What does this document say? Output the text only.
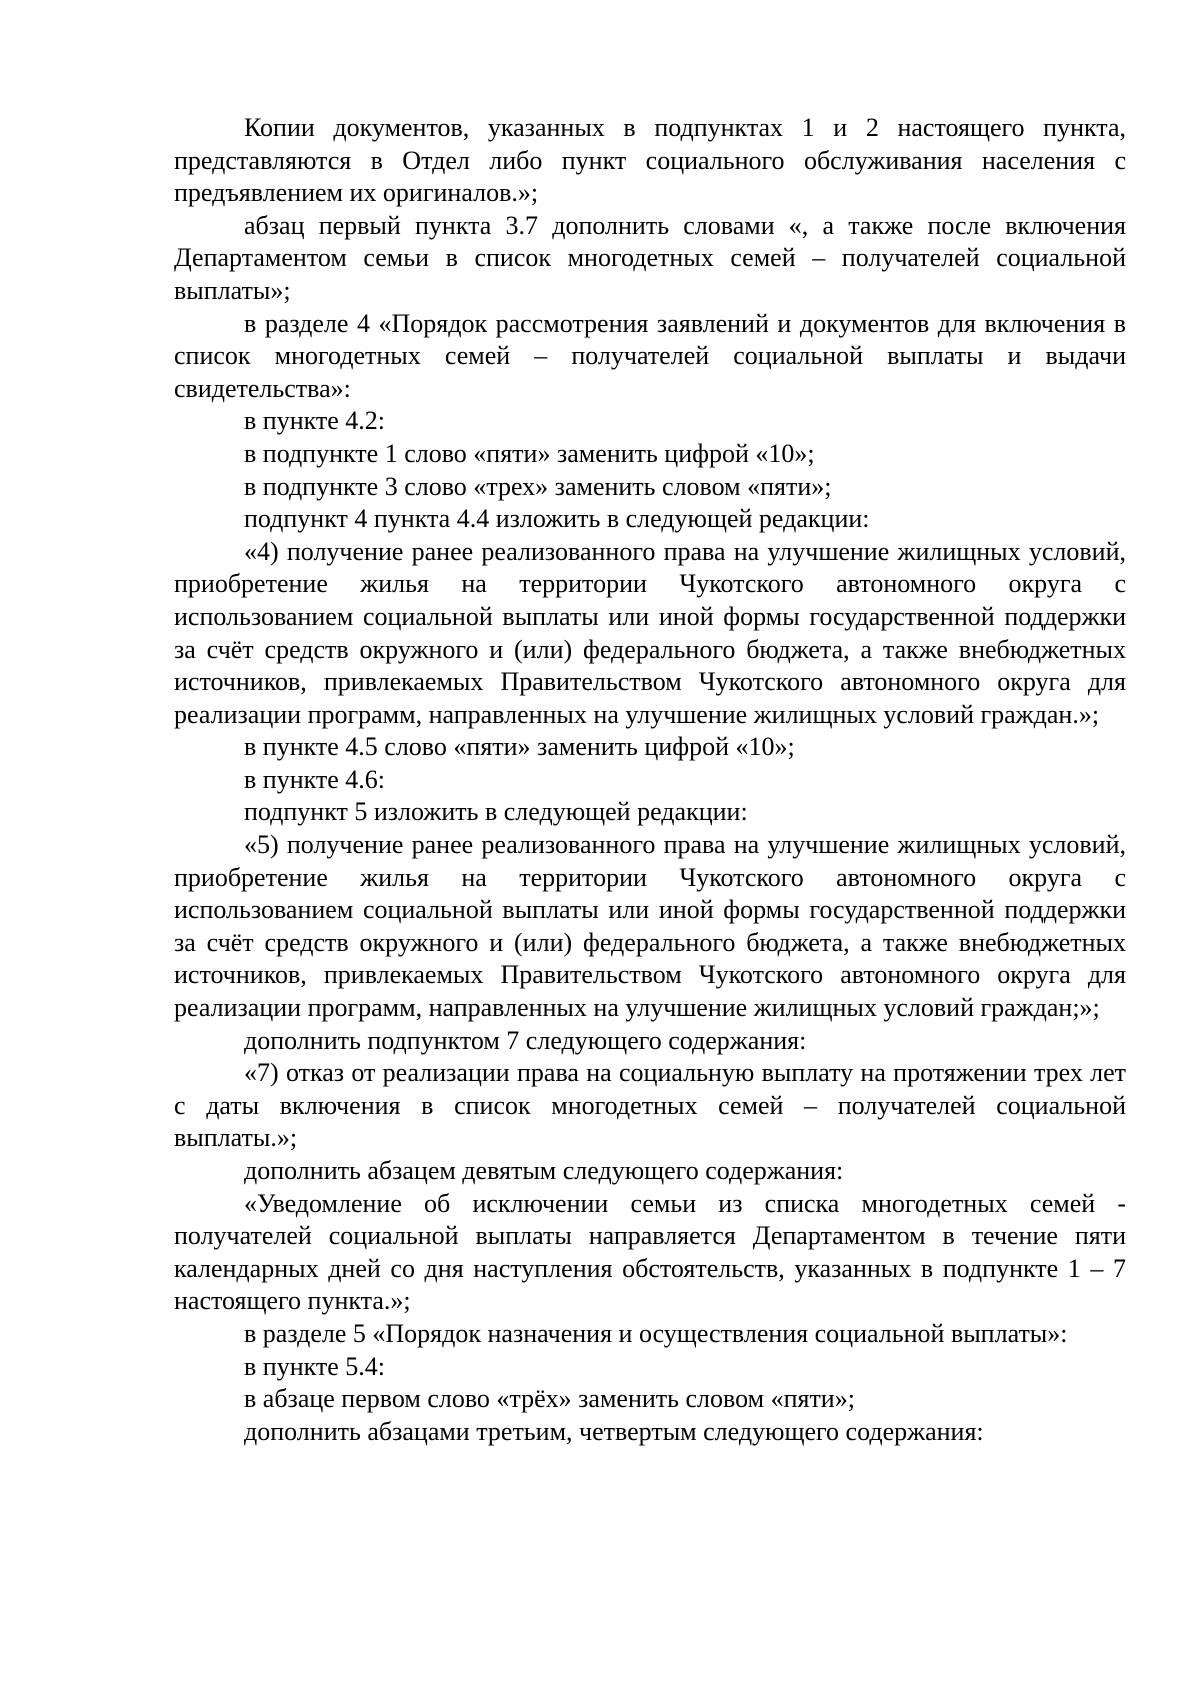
Копии документов, указанных в подпунктах 1 и 2 настоящего пункта, представляются в Отдел либо пункт социального обслуживания населения с предъявлением их оригиналов.»;

абзац первый пункта 3.7 дополнить словами «, а также после включения Департаментом семьи в список многодетных семей – получателей социальной выплаты»;

в разделе 4 «Порядок рассмотрения заявлений и документов для включения в список многодетных семей – получателей социальной выплаты и выдачи свидетельства»:

в пункте 4.2:

в подпункте 1 слово «пяти» заменить цифрой «10»;

в подпункте 3 слово «трех» заменить словом «пяти»;

подпункт 4 пункта 4.4 изложить в следующей редакции:

«4) получение ранее реализованного права на улучшение жилищных условий, приобретение жилья на территории Чукотского автономного округа с использованием социальной выплаты или иной формы государственной поддержки за счёт средств окружного и (или) федерального бюджета, а также внебюджетных источников, привлекаемых Правительством Чукотского автономного округа для реализации программ, направленных на улучшение жилищных условий граждан.»;

в пункте 4.5 слово «пяти» заменить цифрой «10»;

в пункте 4.6:

подпункт 5 изложить в следующей редакции:

«5) получение ранее реализованного права на улучшение жилищных условий, приобретение жилья на территории Чукотского автономного округа с использованием социальной выплаты или иной формы государственной поддержки за счёт средств окружного и (или) федерального бюджета, а также внебюджетных источников, привлекаемых Правительством Чукотского автономного округа для реализации программ, направленных на улучшение жилищных условий граждан;»;

дополнить подпунктом 7 следующего содержания:

«7) отказ от реализации права на социальную выплату на протяжении трех лет с даты включения в список многодетных семей – получателей социальной выплаты.»;

дополнить абзацем девятым следующего содержания:

«Уведомление об исключении семьи из списка многодетных семей - получателей социальной выплаты направляется Департаментом в течение пяти календарных дней со дня наступления обстоятельств, указанных в подпункте 1 – 7 настоящего пункта.»;

в разделе 5 «Порядок назначения и осуществления социальной выплаты»:

в пункте 5.4:

в абзаце первом слово «трёх» заменить словом «пяти»;

дополнить абзацами третьим, четвертым следующего содержания:
